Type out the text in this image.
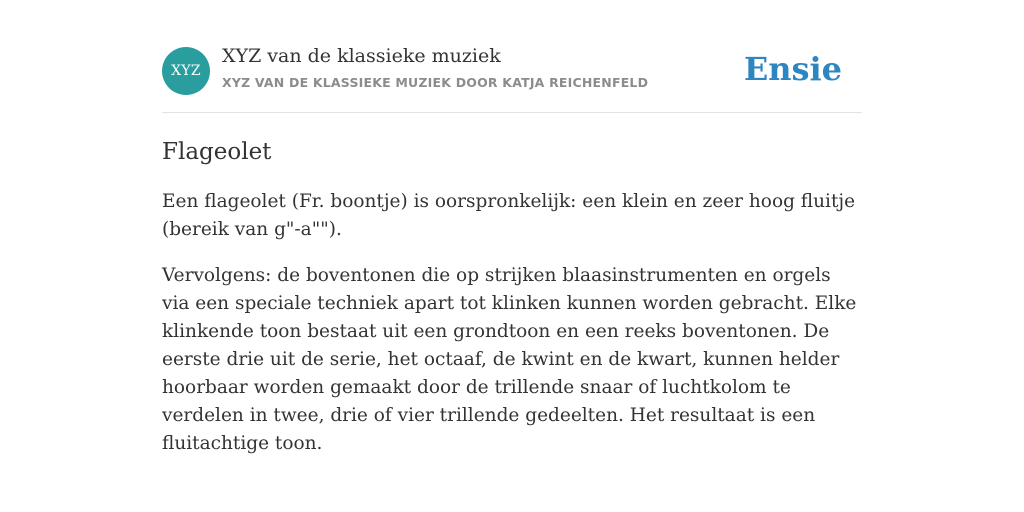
XYZ
XYZ van de klassieke muziek
XYZ VAN DE KLASSIEKE MUZIEK DOOR KATJA REICHENFELD	Ensie
Flageolet

Een flageolet (Fr. boontje) is oorspronkelijk: een klein en zeer hoog fluitje (bereik van g"-a"").

Vervolgens: de boventonen die op strijken blaasinstrumenten en orgels via een speciale techniek apart tot klinken kunnen worden gebracht. Elke klinkende toon bestaat uit een grondtoon en een reeks boventonen. De eerste drie uit de serie, het octaaf, de kwint en de kwart, kunnen helder hoorbaar worden gemaakt door de trillende snaar of luchtkolom te verdelen in twee, drie of vier trillende gedeelten. Het resultaat is een fluitachtige toon.
